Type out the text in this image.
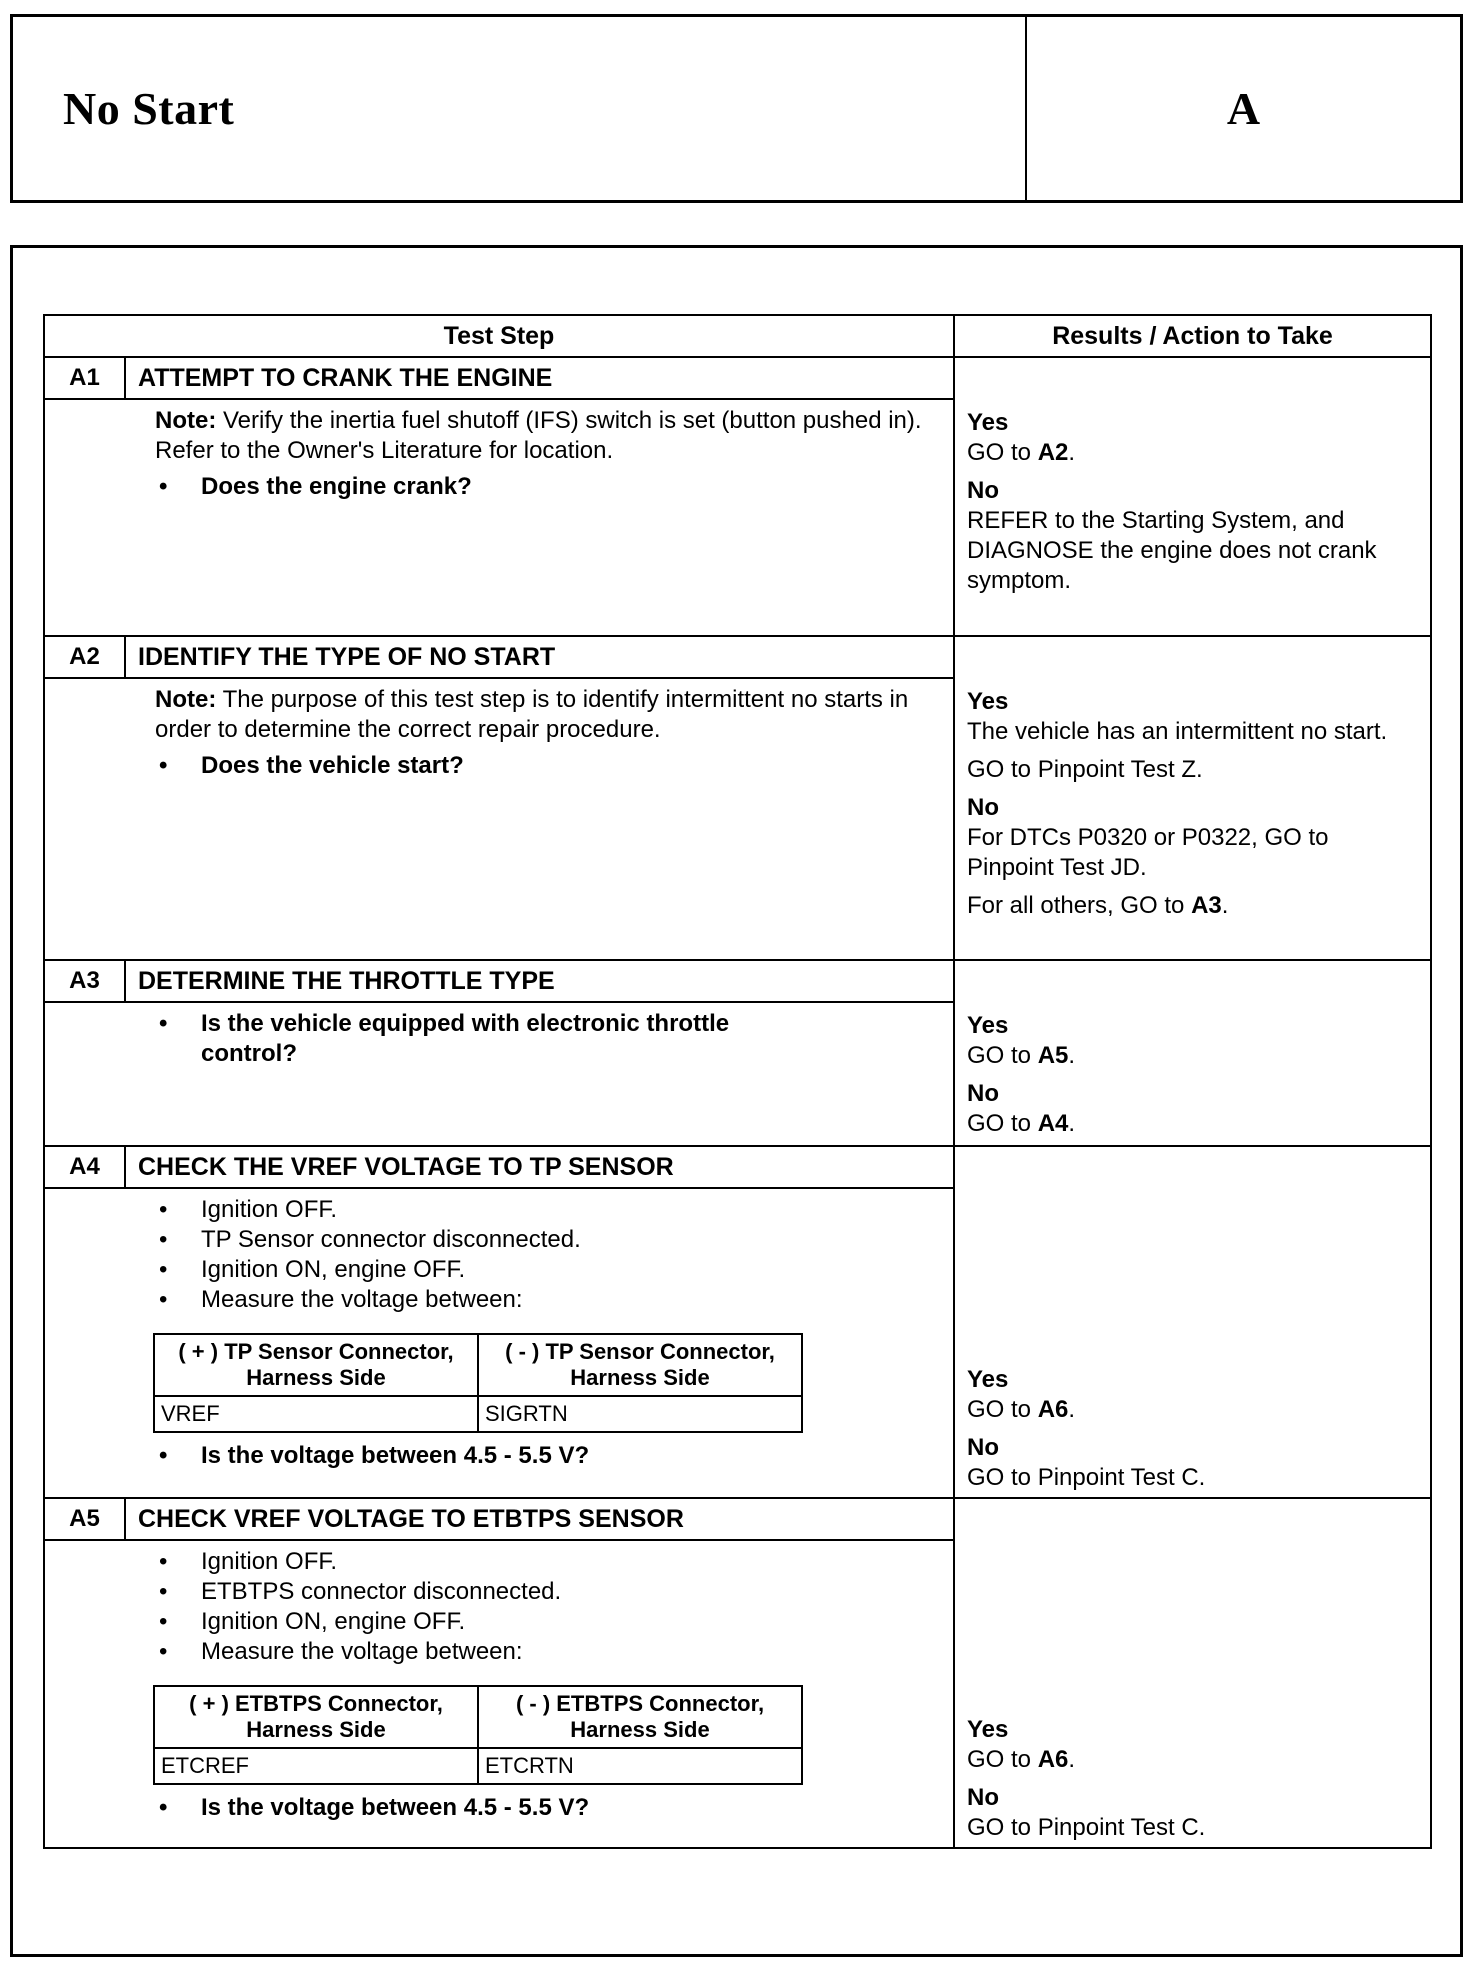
No Start	A
Test Step	Results / Action to Take

A1	ATTEMPT TO CRANK THE ENGINE
Note: Verify the inertia fuel shutoff (IFS) switch is set (button pushed in). Refer to the Owner's Literature for location.
•	Does the engine crank?

Yes
GO to A2.
No
REFER to the Starting System, and DIAGNOSE the engine does not crank symptom.

A2	IDENTIFY THE TYPE OF NO START
Note: The purpose of this test step is to identify intermittent no starts in order to determine the correct repair procedure.
•	Does the vehicle start?

Yes
The vehicle has an intermittent no start.
GO to Pinpoint Test Z.
No
For DTCs P0320 or P0322, GO to Pinpoint Test JD.
For all others, GO to A3.

A3	DETERMINE THE THROTTLE TYPE
•	Is the vehicle equipped with electronic throttle control?

Yes
GO to A5.
No
GO to A4.

A4	CHECK THE VREF VOLTAGE TO TP SENSOR
•	Ignition OFF.
•	TP Sensor connector disconnected.
•	Ignition ON, engine OFF.
•	Measure the voltage between:
( + ) TP Sensor Connector, Harness Side	( - ) TP Sensor Connector, Harness Side
VREF	SIGRTN
•	Is the voltage between 4.5 - 5.5 V?

Yes
GO to A6.
No
GO to Pinpoint Test C.

A5	CHECK VREF VOLTAGE TO ETBTPS SENSOR
•	Ignition OFF.
•	ETBTPS connector disconnected.
•	Ignition ON, engine OFF.
•	Measure the voltage between:
( + ) ETBTPS Connector, Harness Side	( - ) ETBTPS Connector, Harness Side
ETCREF	ETCRTN
•	Is the voltage between 4.5 - 5.5 V?

Yes
GO to A6.
No
GO to Pinpoint Test C.
